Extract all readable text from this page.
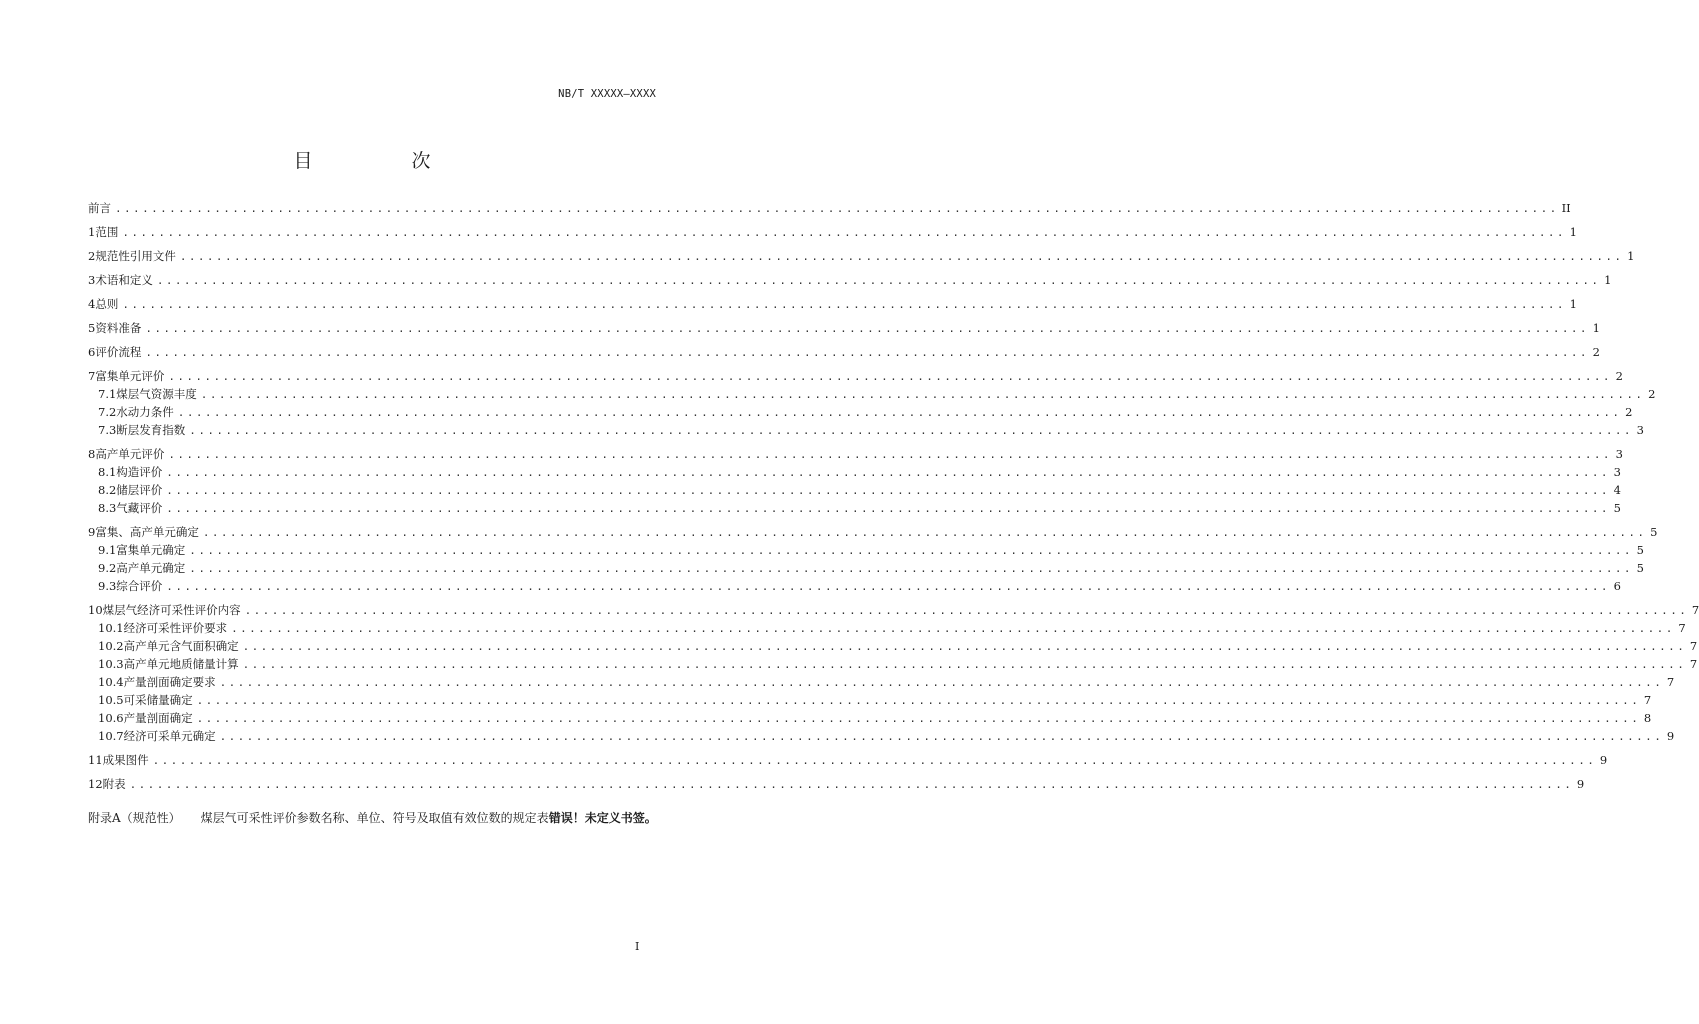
NB/T XXXXX—XXXX
目　次
前言 ................................................................................................................................................................ II
1 范围 ................................................................................................................................................................ 1
2 规范性引用文件 ................................................................................................................................................................ 1
3 术语和定义 ................................................................................................................................................................ 1
4 总则 ................................................................................................................................................................ 1
5 资料准备 ................................................................................................................................................................ 1
6 评价流程 ................................................................................................................................................................ 2
7 富集单元评价 ................................................................................................................................................................ 2
7.1 煤层气资源丰度 ................................................................................................................................................................ 2
7.2 水动力条件 ................................................................................................................................................................ 2
7.3 断层发育指数 ................................................................................................................................................................ 3
8 高产单元评价 ................................................................................................................................................................ 3
8.1 构造评价 ................................................................................................................................................................ 3
8.2 储层评价 ................................................................................................................................................................ 4
8.3 气藏评价 ................................................................................................................................................................ 5
9 富集、高产单元确定 ................................................................................................................................................................ 5
9.1 富集单元确定 ................................................................................................................................................................ 5
9.2 高产单元确定 ................................................................................................................................................................ 5
9.3 综合评价 ................................................................................................................................................................ 6
10 煤层气经济可采性评价内容 ................................................................................................................................................................ 7
10.1 经济可采性评价要求 ................................................................................................................................................................ 7
10.2 高产单元含气面积确定 ................................................................................................................................................................ 7
10.3 高产单元地质储量计算 ................................................................................................................................................................ 7
10.4 产量剖面确定要求 ................................................................................................................................................................ 7
10.5 可采储量确定 ................................................................................................................................................................ 7
10.6 产量剖面确定 ................................................................................................................................................................ 8
10.7 经济可采单元确定 ................................................................................................................................................................ 9
11 成果图件 ................................................................................................................................................................ 9
12 附表 ................................................................................................................................................................ 9
附录A（规范性） 煤层气可采性评价参数名称、单位、符号及取值有效位数的规定表错误！未定义书签。
I
